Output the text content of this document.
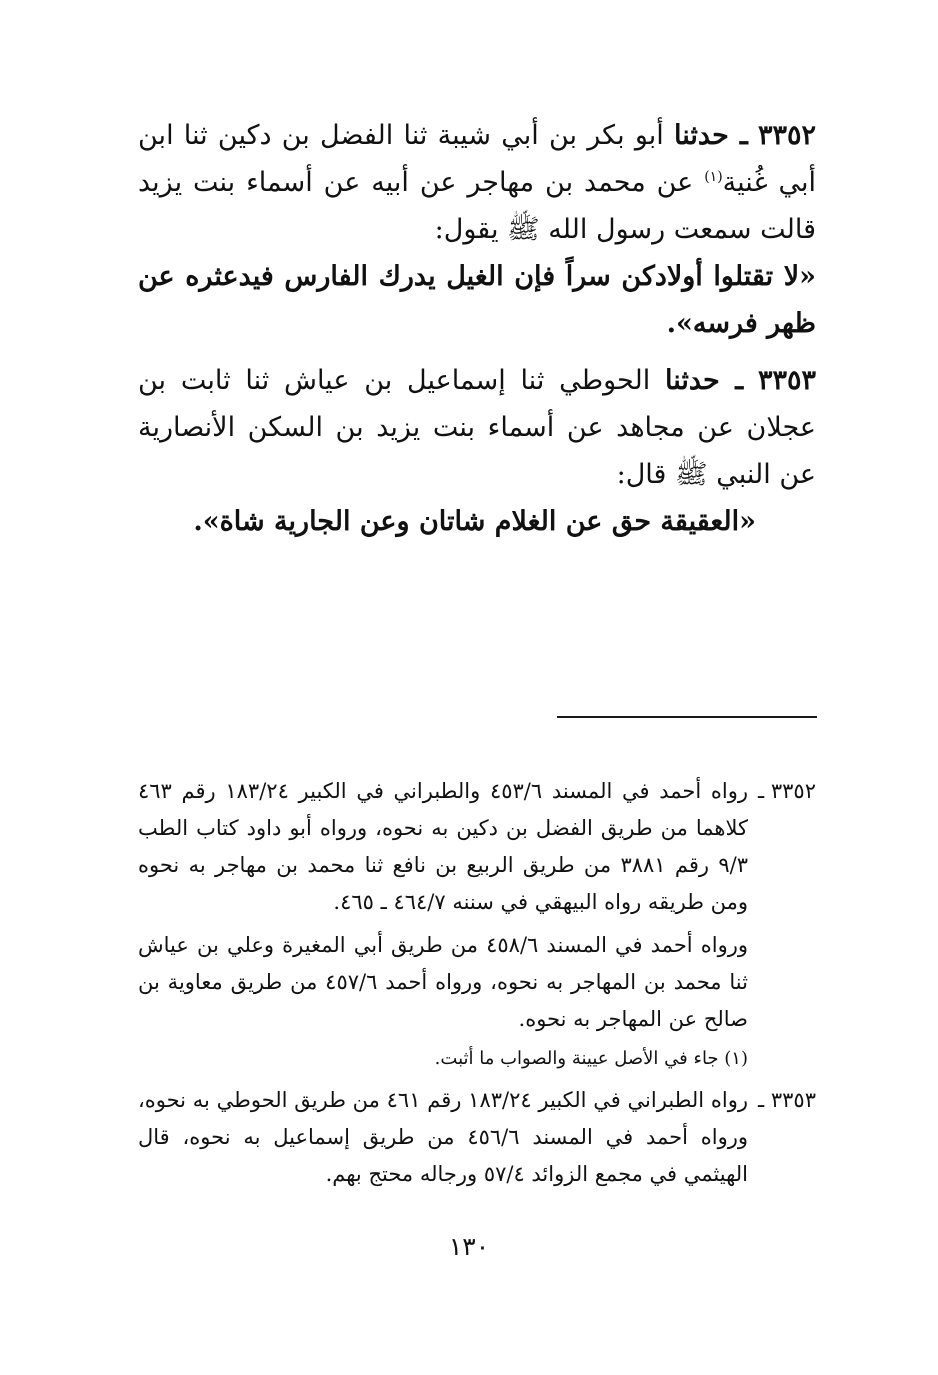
٣٣٥٢ ـ حدثنا أبو بكر بن أبي شيبة ثنا الفضل بن دكين ثنا ابن أبي غُنية$^{(١)}$ عن محمد بن مهاجر عن أبيه عن أسماء بنت يزيد قالت سمعت رسول الله ﷺ يقول:
«لا تقتلوا أولادكن سراً فإن الغيل يدرك الفارس فيدعثره عن ظهر فرسه».

٣٣٥٣ ـ حدثنا الحوطي ثنا إسماعيل بن عياش ثنا ثابت بن عجلان عن مجاهد عن أسماء بنت يزيد بن السكن الأنصارية عن النبي ﷺ قال:
«العقيقة حق عن الغلام شاتان وعن الجارية شاة».

٣٣٥٢ ـ
رواه أحمد في المسند ٤٥٣/٦ والطبراني في الكبير ١٨٣/٢٤ رقم ٤٦٣ كلاهما من طريق الفضل بن دكين به نحوه، ورواه أبو داود كتاب الطب ٩/٣ رقم ٣٨٨١ من طريق الربيع بن نافع ثنا محمد بن مهاجر به نحوه ومن طريقه رواه البيهقي في سننه ٤٦٤/٧ ـ ٤٦٥.
ورواه أحمد في المسند ٤٥٨/٦ من طريق أبي المغيرة وعلي بن عياش ثنا محمد بن المهاجر به نحوه، ورواه أحمد ٤٥٧/٦ من طريق معاوية بن صالح عن المهاجر به نحوه.
(١) جاء في الأصل عيينة والصواب ما أثبت.
٣٣٥٣ ـ
رواه الطبراني في الكبير ١٨٣/٢٤ رقم ٤٦١ من طريق الحوطي به نحوه، ورواه أحمد في المسند ٤٥٦/٦ من طريق إسماعيل به نحوه، قال الهيثمي في مجمع الزوائد ٥٧/٤ ورجاله محتج بهم.
١٣٠
